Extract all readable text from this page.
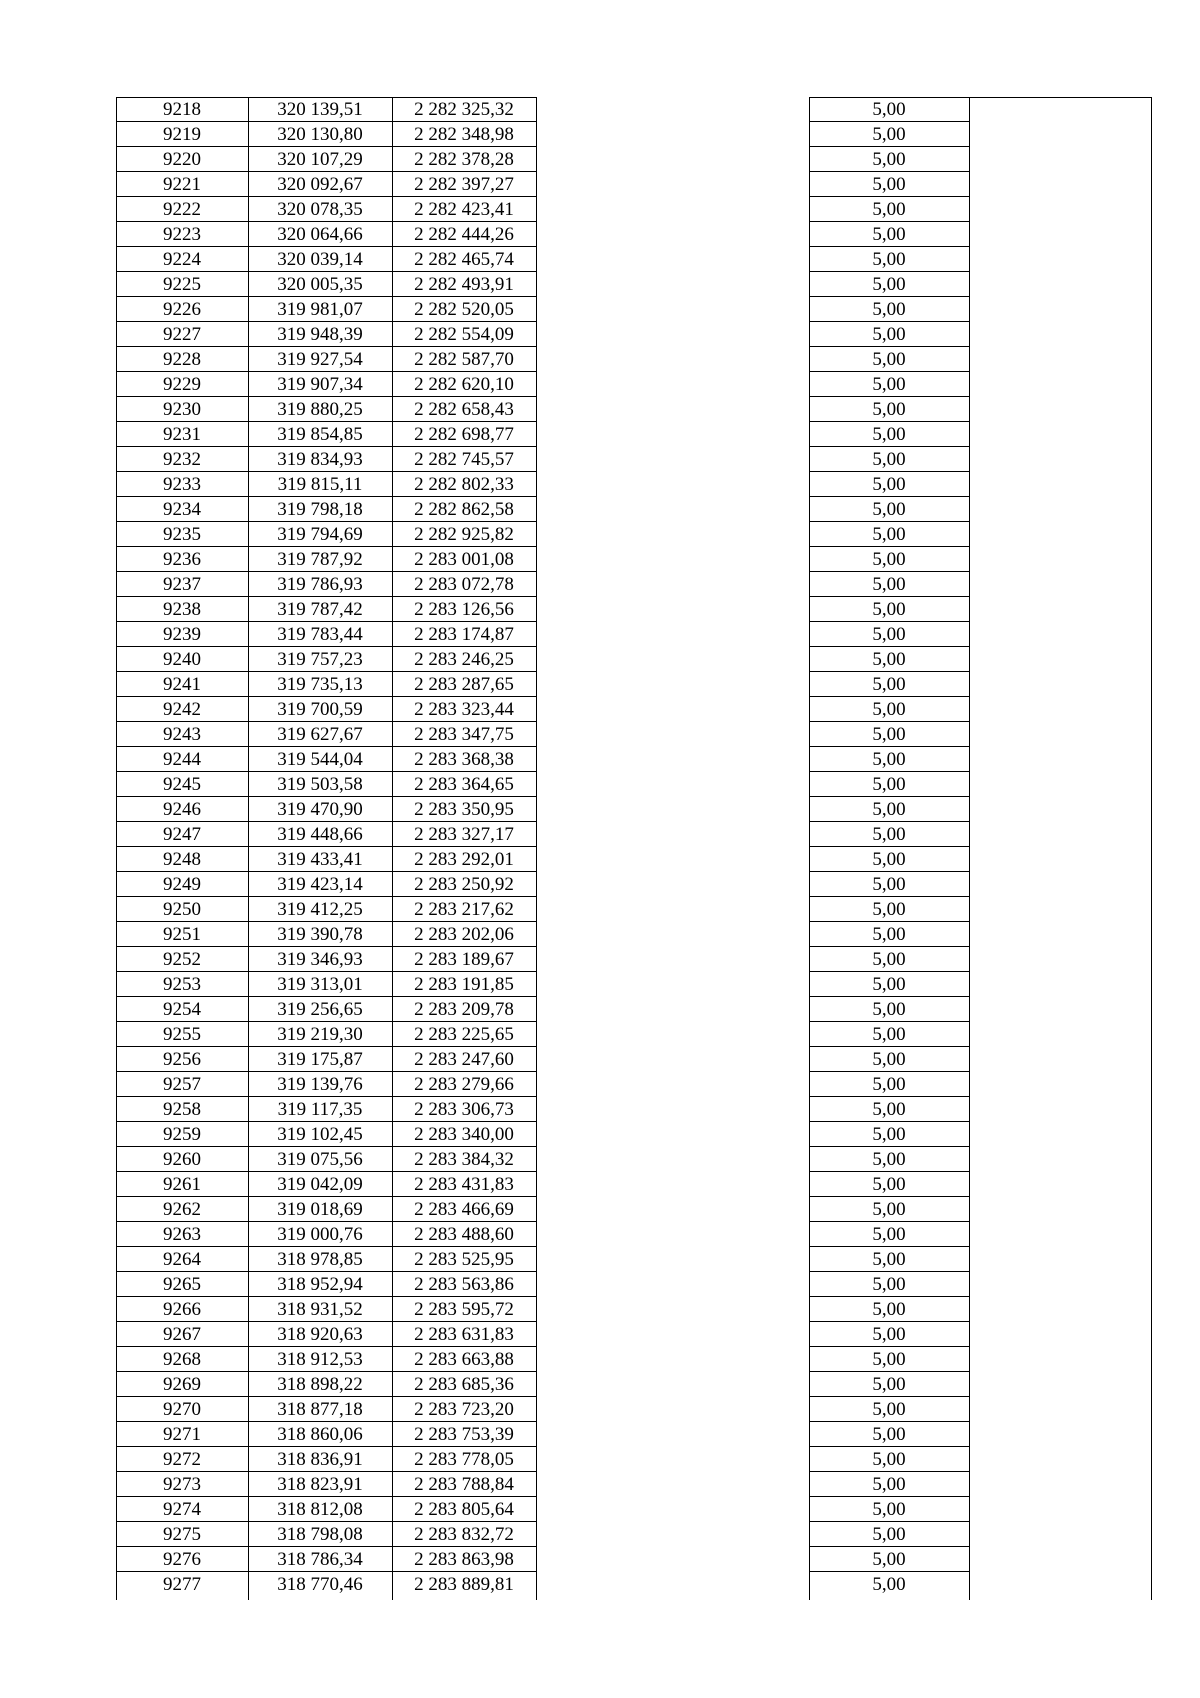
9218	320 139,51	2 282 325,32	5,00
9219	320 130,80	2 282 348,98	5,00
9220	320 107,29	2 282 378,28	5,00
9221	320 092,67	2 282 397,27	5,00
9222	320 078,35	2 282 423,41	5,00
9223	320 064,66	2 282 444,26	5,00
9224	320 039,14	2 282 465,74	5,00
9225	320 005,35	2 282 493,91	5,00
9226	319 981,07	2 282 520,05	5,00
9227	319 948,39	2 282 554,09	5,00
9228	319 927,54	2 282 587,70	5,00
9229	319 907,34	2 282 620,10	5,00
9230	319 880,25	2 282 658,43	5,00
9231	319 854,85	2 282 698,77	5,00
9232	319 834,93	2 282 745,57	5,00
9233	319 815,11	2 282 802,33	5,00
9234	319 798,18	2 282 862,58	5,00
9235	319 794,69	2 282 925,82	5,00
9236	319 787,92	2 283 001,08	5,00
9237	319 786,93	2 283 072,78	5,00
9238	319 787,42	2 283 126,56	5,00
9239	319 783,44	2 283 174,87	5,00
9240	319 757,23	2 283 246,25	5,00
9241	319 735,13	2 283 287,65	5,00
9242	319 700,59	2 283 323,44	5,00
9243	319 627,67	2 283 347,75	5,00
9244	319 544,04	2 283 368,38	5,00
9245	319 503,58	2 283 364,65	5,00
9246	319 470,90	2 283 350,95	5,00
9247	319 448,66	2 283 327,17	5,00
9248	319 433,41	2 283 292,01	5,00
9249	319 423,14	2 283 250,92	5,00
9250	319 412,25	2 283 217,62	5,00
9251	319 390,78	2 283 202,06	5,00
9252	319 346,93	2 283 189,67	5,00
9253	319 313,01	2 283 191,85	5,00
9254	319 256,65	2 283 209,78	5,00
9255	319 219,30	2 283 225,65	5,00
9256	319 175,87	2 283 247,60	5,00
9257	319 139,76	2 283 279,66	5,00
9258	319 117,35	2 283 306,73	5,00
9259	319 102,45	2 283 340,00	5,00
9260	319 075,56	2 283 384,32	5,00
9261	319 042,09	2 283 431,83	5,00
9262	319 018,69	2 283 466,69	5,00
9263	319 000,76	2 283 488,60	5,00
9264	318 978,85	2 283 525,95	5,00
9265	318 952,94	2 283 563,86	5,00
9266	318 931,52	2 283 595,72	5,00
9267	318 920,63	2 283 631,83	5,00
9268	318 912,53	2 283 663,88	5,00
9269	318 898,22	2 283 685,36	5,00
9270	318 877,18	2 283 723,20	5,00
9271	318 860,06	2 283 753,39	5,00
9272	318 836,91	2 283 778,05	5,00
9273	318 823,91	2 283 788,84	5,00
9274	318 812,08	2 283 805,64	5,00
9275	318 798,08	2 283 832,72	5,00
9276	318 786,34	2 283 863,98	5,00
9277	318 770,46	2 283 889,81	5,00
